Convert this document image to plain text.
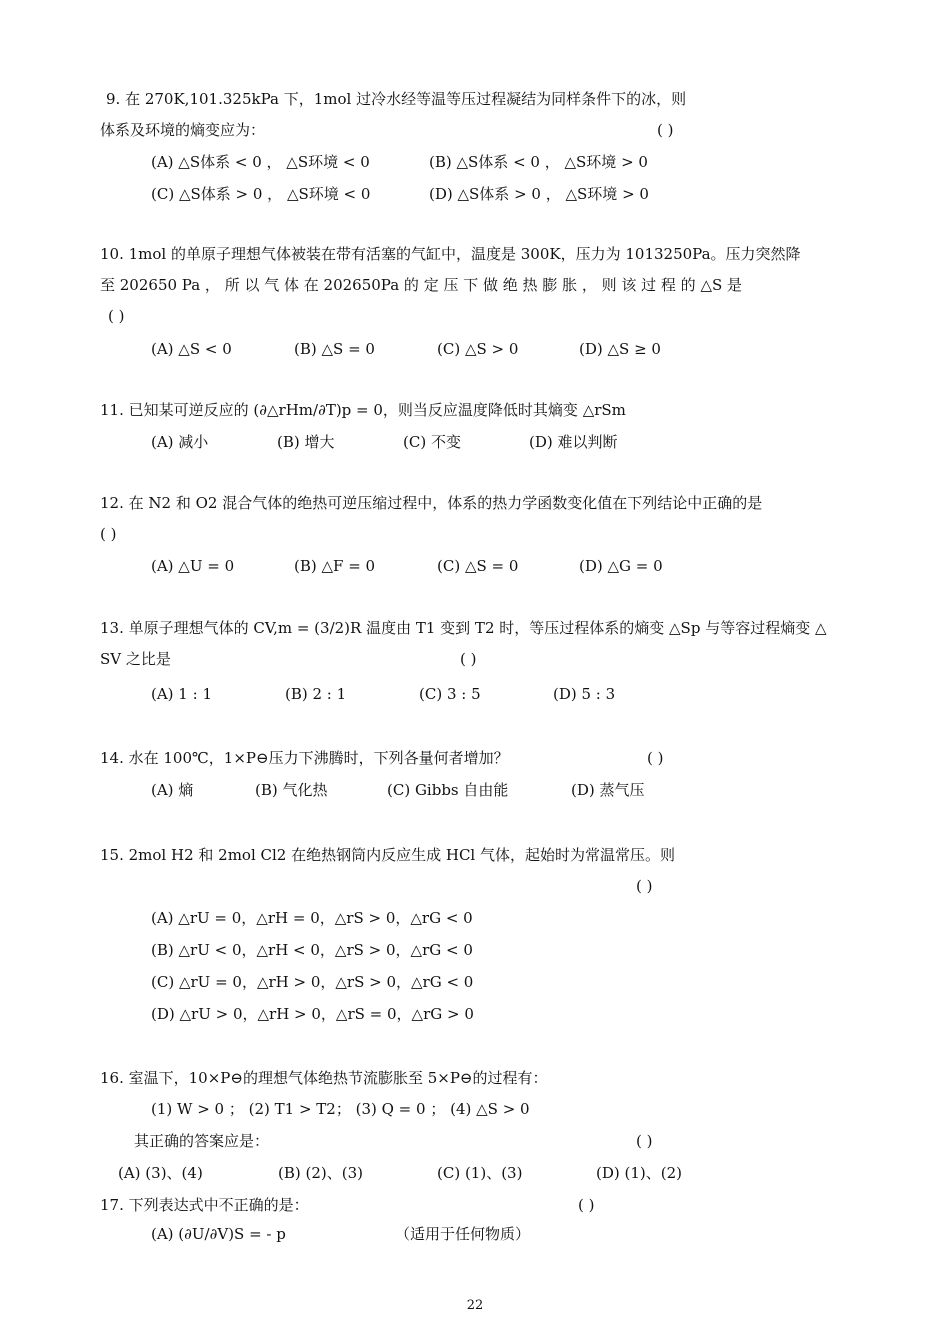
22
9. 在 270K,101.325kPa 下，1mol 过冷水经等温等压过程凝结为同样条件下的冰，则
体系及环境的熵变应为：	( )
(A) △S体系 < 0 ， △S环境 < 0	(B) △S体系 < 0 ， △S环境 > 0
(C) △S体系 > 0 ， △S环境 < 0	(D) △S体系 > 0 ， △S环境 > 0
10. 1mol 的单原子理想气体被装在带有活塞的气缸中，温度是 300K，压力为 1013250Pa。压力突然降
至 202650 Pa ， 所 以 气 体 在 202650Pa 的 定 压 下 做 绝 热 膨 胀 ， 则 该 过 程 的 △S 是
( )
(A) △S < 0	(B) △S = 0	(C) △S > 0	(D) △S ≥ 0
11. 已知某可逆反应的 (∂△rHm/∂T)p = 0，则当反应温度降低时其熵变 △rSm
(A) 减小	(B) 增大	(C) 不变	(D) 难以判断
12. 在 N2 和 O2 混合气体的绝热可逆压缩过程中，体系的热力学函数变化值在下列结论中正确的是
( )
(A) △U = 0	(B) △F = 0	(C) △S = 0	(D) △G = 0
13. 单原子理想气体的 CV,m = (3/2)R 温度由 T1 变到 T2 时，等压过程体系的熵变 △Sp 与等容过程熵变 △
SV 之比是	( )
(A) 1 : 1	(B) 2 : 1	(C) 3 : 5	(D) 5 : 3
14. 水在 100℃，1×P⊖压力下沸腾时，下列各量何者增加？	( )
(A) 熵	(B) 气化热	(C) Gibbs 自由能	(D) 蒸气压
15. 2mol H2 和 2mol Cl2 在绝热钢筒内反应生成 HCl 气体，起始时为常温常压。则
( )
(A) △rU = 0，△rH = 0，△rS > 0，△rG < 0
(B) △rU < 0，△rH < 0，△rS > 0，△rG < 0
(C) △rU = 0，△rH > 0，△rS > 0，△rG < 0
(D) △rU > 0，△rH > 0，△rS = 0，△rG > 0
16. 室温下，10×P⊖的理想气体绝热节流膨胀至 5×P⊖的过程有：
(1) W > 0 ； (2) T1 > T2； (3) Q = 0 ； (4) △S > 0
其正确的答案应是：	( )
(A) (3)、(4)	(B) (2)、(3)	(C) (1)、(3)	(D) (1)、(2)
17. 下列表达式中不正确的是：	( )
(A) (∂U/∂V)S = - p	（适用于任何物质）
